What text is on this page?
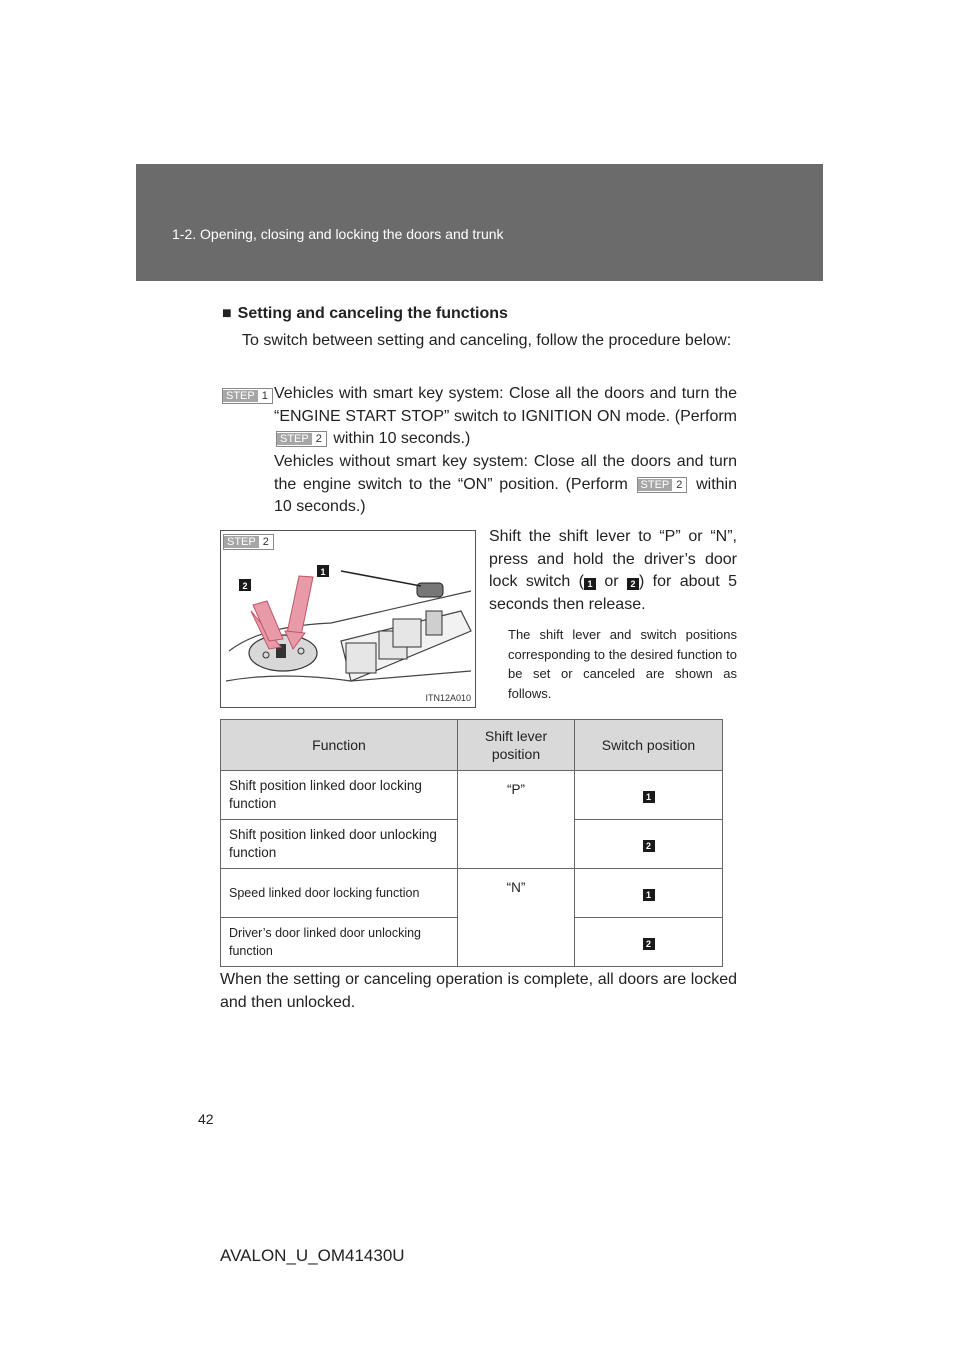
1-2. Opening, closing and locking the doors and trunk
■ Setting and canceling the functions
To switch between setting and canceling, follow the procedure below:
STEP 1 Vehicles with smart key system: Close all the doors and turn the “ENGINE START STOP” switch to IGNITION ON mode. (Perform STEP 2 within 10 seconds.)
Vehicles without smart key system: Close all the doors and turn the engine switch to the “ON” position. (Perform STEP 2 within 10 seconds.)
STEP 2
1
2
ITN12A010
Shift the shift lever to “P” or “N”, press and hold the driver’s door lock switch ( 1 or 2 ) for about 5 seconds then release.
The shift lever and switch positions corresponding to the desired function to be set or canceled are shown as follows.
Function	Shift lever position	Switch position
Shift position linked door locking function	“P”	1
Shift position linked door unlocking function		2
Speed linked door locking function	“N”	1
Driver’s door linked door unlocking function		2
When the setting or canceling operation is complete, all doors are locked and then unlocked.
42
AVALON_U_OM41430U
